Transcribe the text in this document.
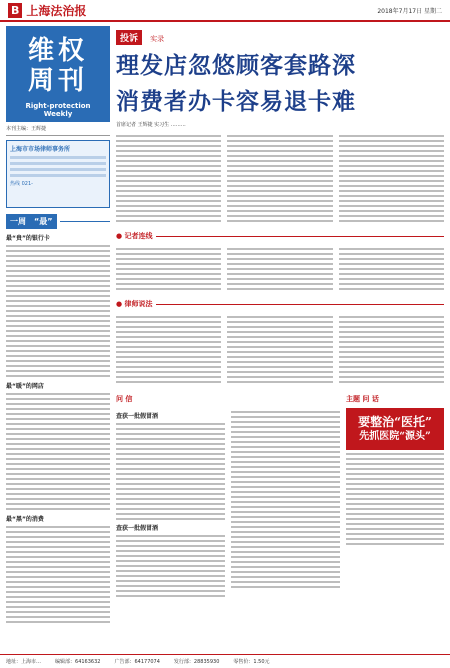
B 上海法治报	2018年7月17日 星期二
维权周刊
Right-protection Weekly
本刊主编：王辉捷
上海市市场律师事务所
热线 021-
一周	“最”
最“贵”的银行卡
最“暖”的网店
最“黑”的消费
投诉 实录
理发店忽悠顾客套路深
消费者办卡容易退卡难
首席记者 王辉捷 实习生 ………
● 记者连线
● 律师说法
问 信
查获一批假冒酒
查获一批假冒酒
主题 问 话
要整治“医托”
先抓医院“源头”
地址：上海市…	编辑部：64163632	广告部：64177074	发行部：28835930	零售价：1.50元
